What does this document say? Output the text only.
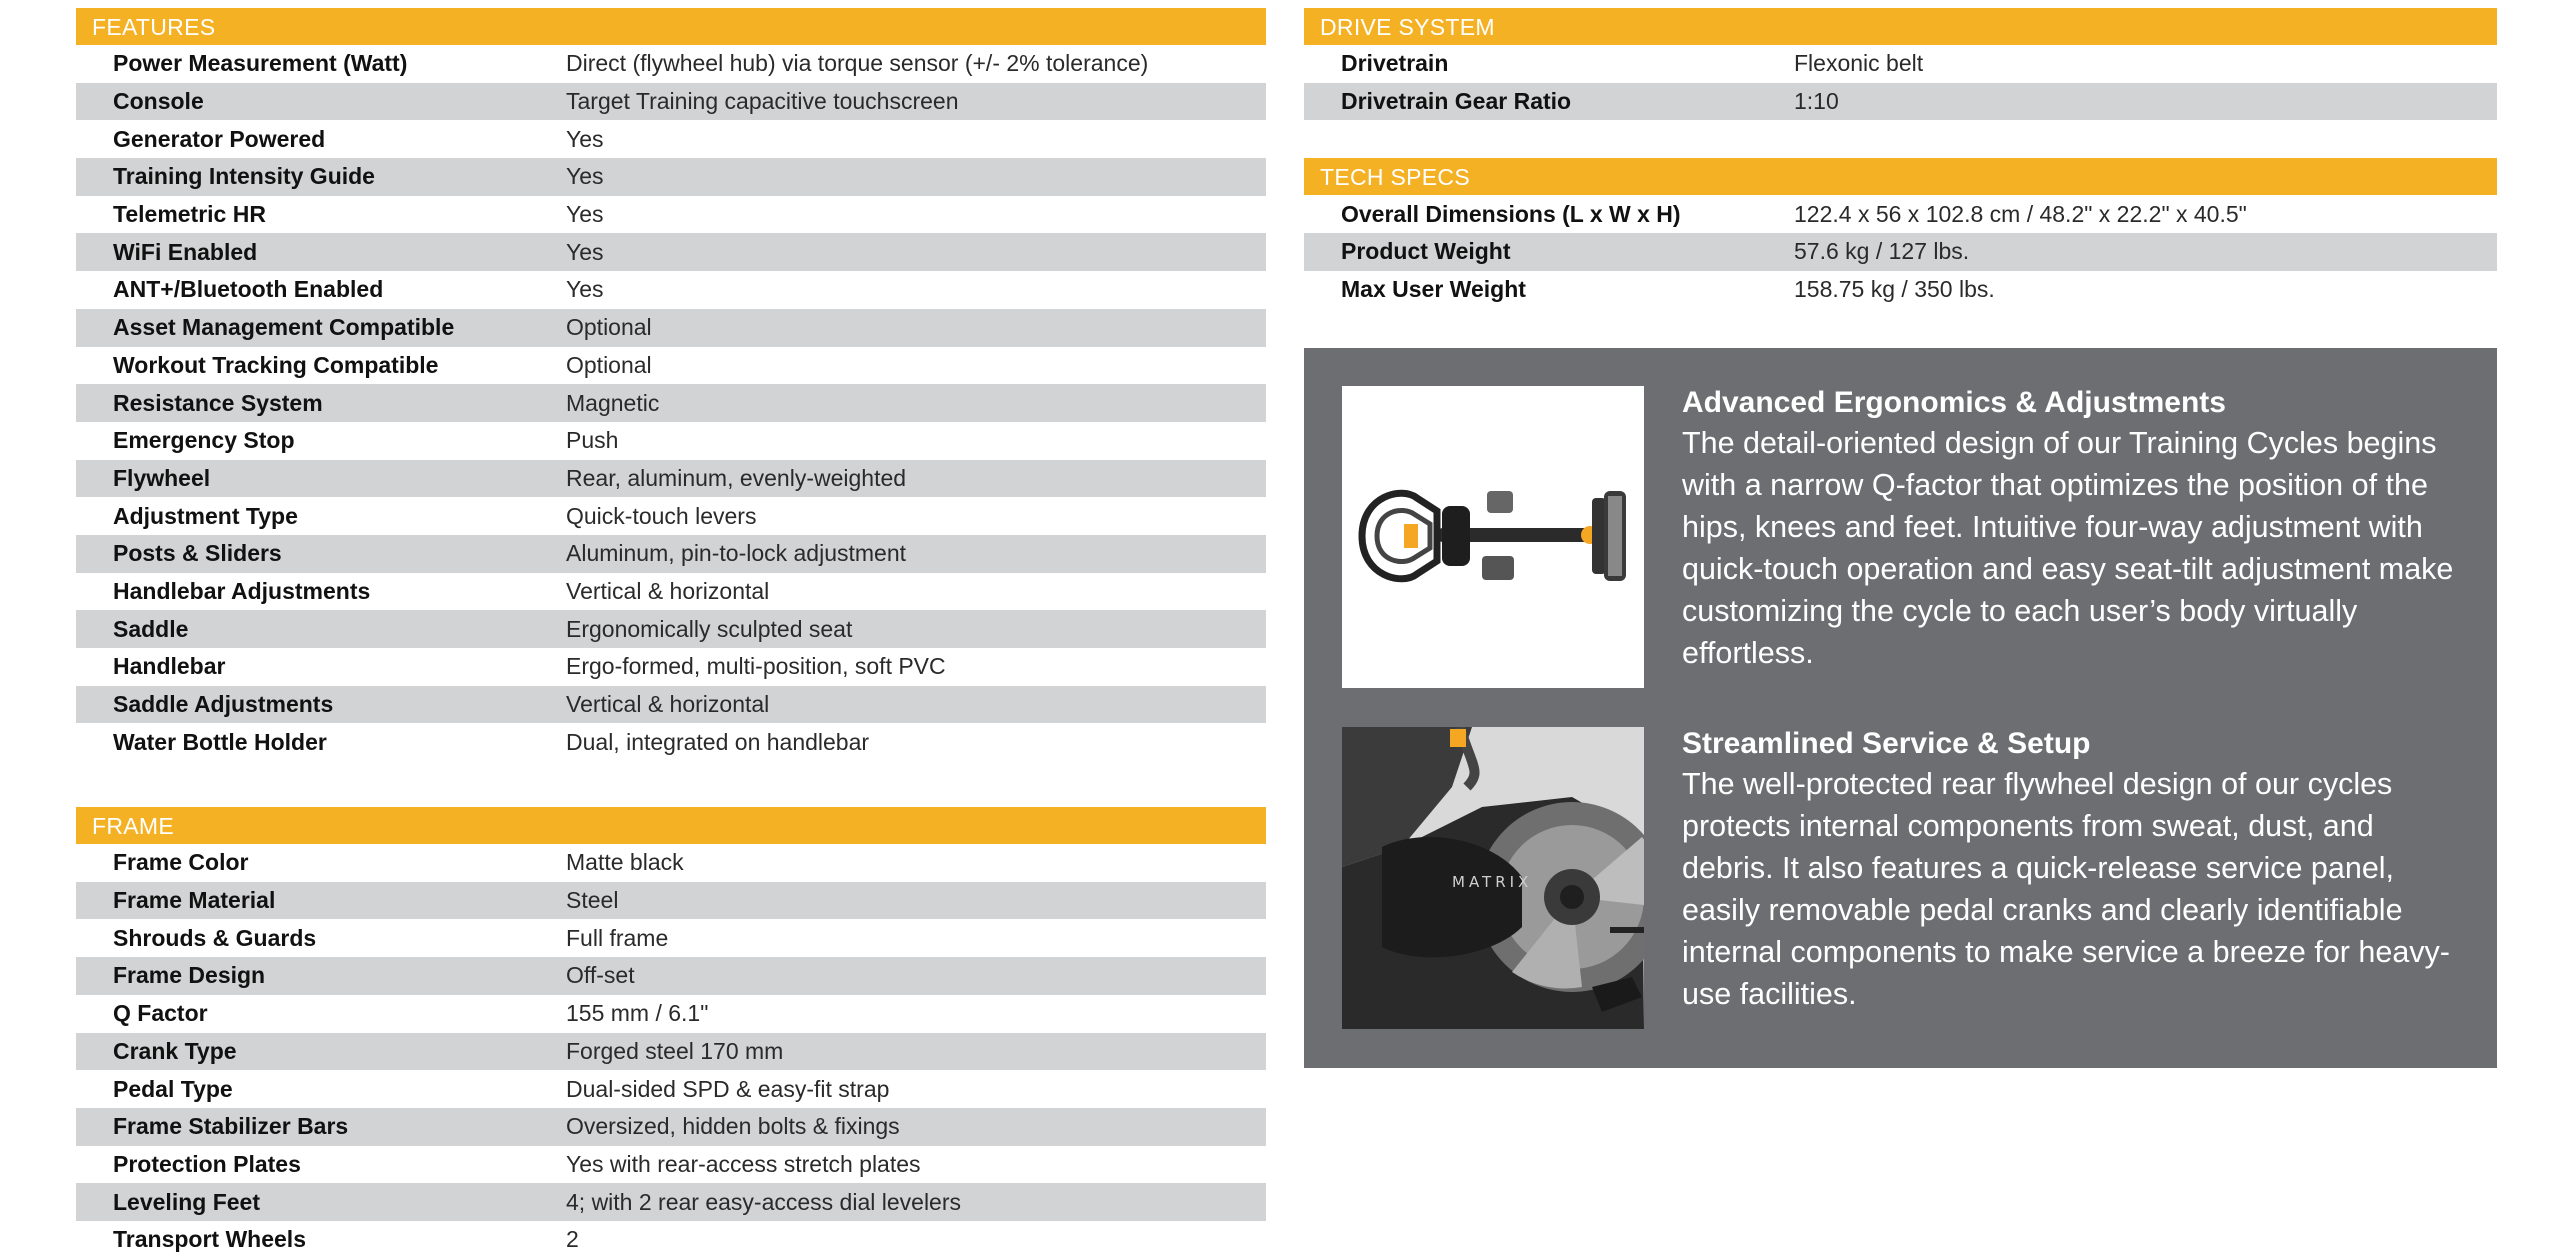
FEATURES
Power Measurement (Watt)	Direct (flywheel hub) via torque sensor (+/- 2% tolerance)
Console	Target Training capacitive touchscreen
Generator Powered	Yes
Training Intensity Guide	Yes
Telemetric HR	Yes
WiFi Enabled	Yes
ANT+/Bluetooth Enabled	Yes
Asset Management Compatible	Optional
Workout Tracking Compatible	Optional
Resistance System	Magnetic
Emergency Stop	Push
Flywheel	Rear, aluminum, evenly-weighted
Adjustment Type	Quick-touch levers
Posts & Sliders	Aluminum, pin-to-lock adjustment
Handlebar Adjustments	Vertical & horizontal
Saddle	Ergonomically sculpted seat
Handlebar	Ergo-formed, multi-position, soft PVC
Saddle Adjustments	Vertical & horizontal
Water Bottle Holder	Dual, integrated on handlebar
FRAME
Frame Color	Matte black
Frame Material	Steel
Shrouds & Guards	Full frame
Frame Design	Off-set
Q Factor	155 mm / 6.1"
Crank Type	Forged steel 170 mm
Pedal Type	Dual-sided SPD & easy-fit strap
Frame Stabilizer Bars	Oversized, hidden bolts & fixings
Protection Plates	Yes with rear-access stretch plates
Leveling Feet	4; with 2 rear easy-access dial levelers
Transport Wheels	2
DRIVE SYSTEM
Drivetrain	Flexonic belt
Drivetrain Gear Ratio	1:10
TECH SPECS
Overall Dimensions (L x W x H)	122.4 x 56 x 102.8 cm / 48.2" x 22.2" x 40.5"
Product Weight	57.6 kg / 127 lbs.
Max User Weight	158.75 kg / 350 lbs.
Advanced Ergonomics & Adjustments
The detail-oriented design of our Training Cycles begins with a narrow Q-factor that optimizes the position of the hips, knees and feet. Intuitive four-way adjustment with quick-touch operation and easy seat-tilt adjustment make customizing the cycle to each user’s body virtually effortless.
MATRIX
Streamlined Service & Setup
The well-protected rear flywheel design of our cycles protects internal components from sweat, dust, and debris. It also features a quick-release service panel, easily removable pedal cranks and clearly identifiable internal components to make service a breeze for heavy-use facilities.
